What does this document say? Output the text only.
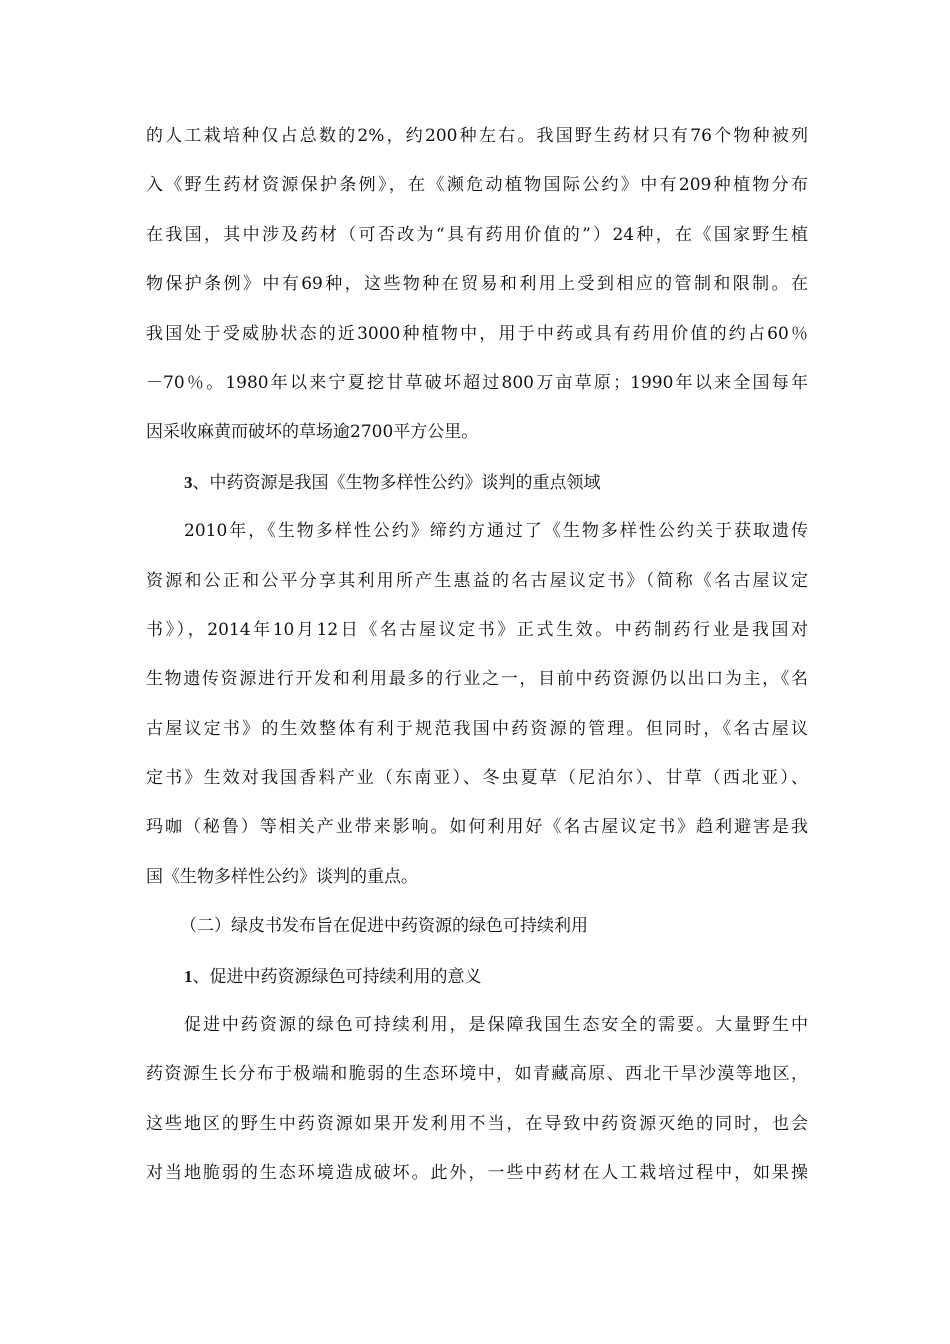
的人工栽培种仅占总数的2%，约200种左右。我国野生药材只有76个物种被列
入《野生药材资源保护条例》，在《濒危动植物国际公约》中有209种植物分布
在我国，其中涉及药材（可否改为“具有药用价值的”）24种，在《国家野生植
物保护条例》中有69种，这些物种在贸易和利用上受到相应的管制和限制。在
我国处于受威胁状态的近3000种植物中，用于中药或具有药用价值的约占60％
－70％。1980年以来宁夏挖甘草破坏超过800万亩草原；1990年以来全国每年
因采收麻黄而破坏的草场逾2700平方公里。
3、中药资源是我国《生物多样性公约》谈判的重点领域
2010年，《生物多样性公约》缔约方通过了《生物多样性公约关于获取遗传
资源和公正和公平分享其利用所产生惠益的名古屋议定书》（简称《名古屋议定
书》），2014年10月12日《名古屋议定书》正式生效。中药制药行业是我国对
生物遗传资源进行开发和利用最多的行业之一，目前中药资源仍以出口为主，《名
古屋议定书》的生效整体有利于规范我国中药资源的管理。但同时，《名古屋议
定书》生效对我国香料产业（东南亚）、冬虫夏草（尼泊尔）、甘草（西北亚）、
玛咖（秘鲁）等相关产业带来影响。如何利用好《名古屋议定书》趋利避害是我
国《生物多样性公约》谈判的重点。
（二）绿皮书发布旨在促进中药资源的绿色可持续利用
1、促进中药资源绿色可持续利用的意义
促进中药资源的绿色可持续利用，是保障我国生态安全的需要。大量野生中
药资源生长分布于极端和脆弱的生态环境中，如青藏高原、西北干旱沙漠等地区，
这些地区的野生中药资源如果开发利用不当，在导致中药资源灭绝的同时，也会
对当地脆弱的生态环境造成破坏。此外，一些中药材在人工栽培过程中，如果操
